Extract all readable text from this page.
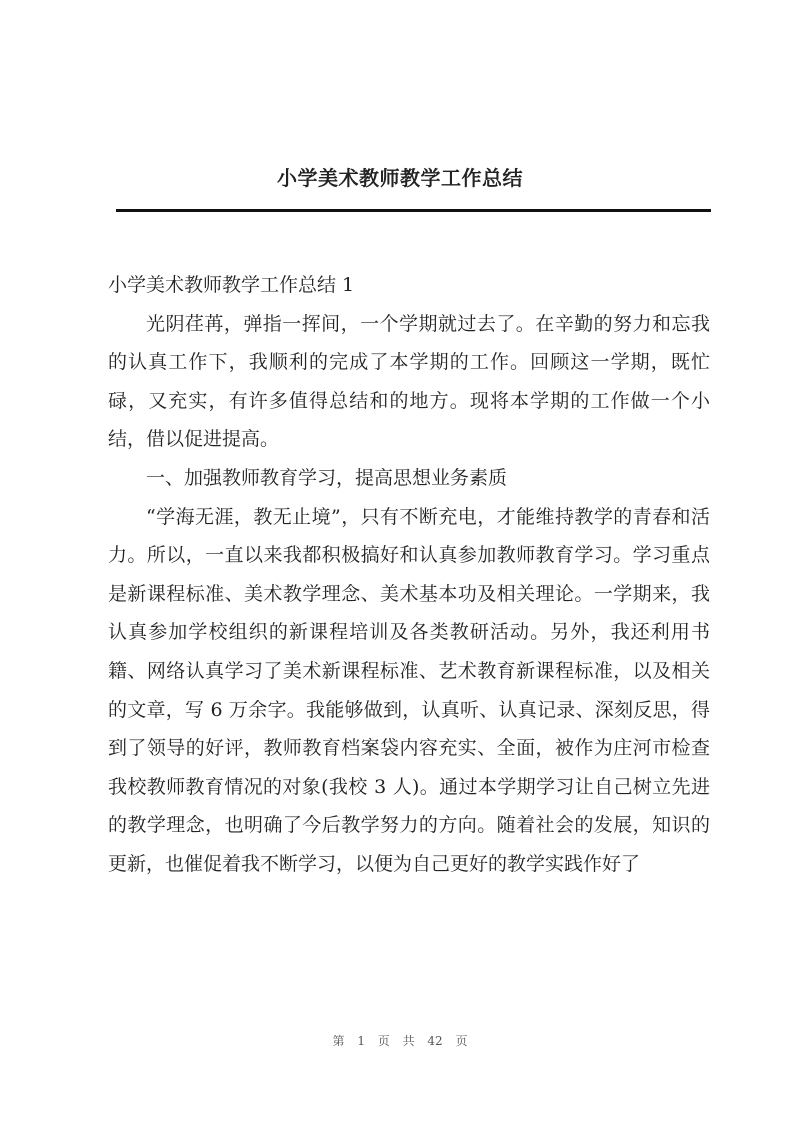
小学美术教师教学工作总结

小学美术教师教学工作总结 1

光阴荏苒，弹指一挥间，一个学期就过去了。在辛勤的努力和忘我的认真工作下，我顺利的完成了本学期的工作。回顾这一学期，既忙碌，又充实，有许多值得总结和的地方。现将本学期的工作做一个小结，借以促进提高。

一、加强教师教育学习，提高思想业务素质

“学海无涯，教无止境”，只有不断充电，才能维持教学的青春和活力。所以，一直以来我都积极搞好和认真参加教师教育学习。学习重点是新课程标准、美术教学理念、美术基本功及相关理论。一学期来，我认真参加学校组织的新课程培训及各类教研活动。另外，我还利用书籍、网络认真学习了美术新课程标准、艺术教育新课程标准，以及相关的文章，写 6 万余字。我能够做到，认真听、认真记录、深刻反思，得到了领导的好评，教师教育档案袋内容充实、全面，被作为庄河市检查我校教师教育情况的对象(我校 3 人)。通过本学期学习让自己树立先进的教学理念，也明确了今后教学努力的方向。随着社会的发展，知识的更新，也催促着我不断学习，以便为自己更好的教学实践作好了

第 1 页 共 42 页
